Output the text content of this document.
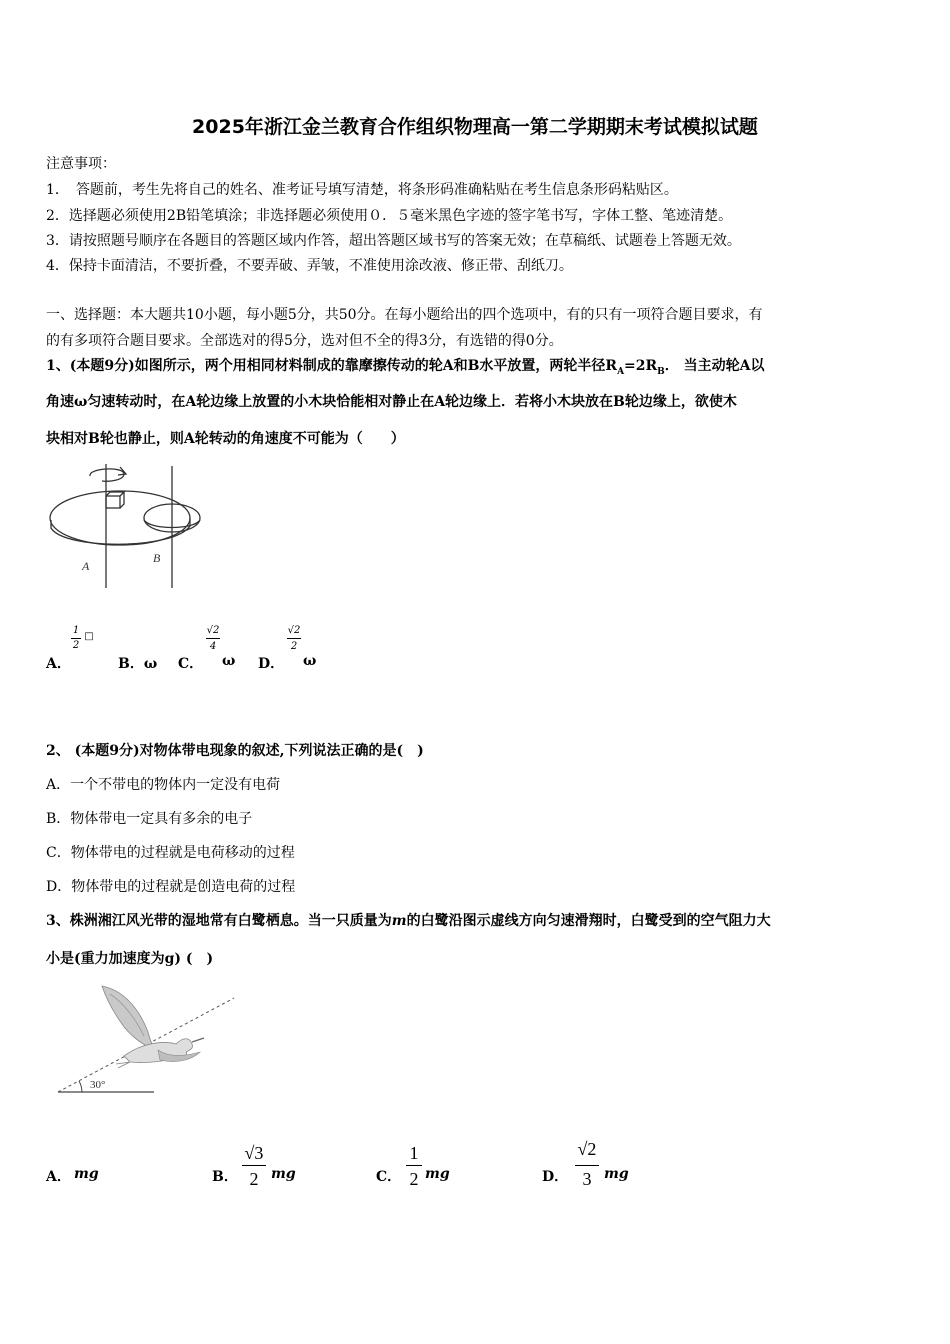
2025年浙江金兰教育合作组织物理高一第二学期期末考试模拟试题
注意事项：
1．　答题前，考生先将自己的姓名、准考证号填写清楚，将条形码准确粘贴在考生信息条形码粘贴区。
2．选择题必须使用2B铅笔填涂；非选择题必须使用０．５毫米黑色字迹的签字笔书写，字体工整、笔迹清楚。
3．请按照题号顺序在各题目的答题区域内作答，超出答题区域书写的答案无效；在草稿纸、试题卷上答题无效。
4．保持卡面清洁，不要折叠，不要弄破、弄皱，不准使用涂改液、修正带、刮纸刀。
一、选择题：本大题共10小题，每小题5分，共50分。在每小题给出的四个选项中，有的只有一项符合题目要求，有
的有多项符合题目要求。全部选对的得5分，选对但不全的得3分，有选错的得0分。
1、(本题9分)如图所示，两个用相同材料制成的靠摩擦传动的轮A和B水平放置，两轮半径$R_A=2R_B$． 当主动轮A以
角速ω匀速转动时，在A轮边缘上放置的小木块恰能相对静止在A轮边缘上．若将小木块放在B轮边缘上，欲使木
块相对B轮也静止，则A轮转动的角速度不可能为（　　）
A
B
A．
1
2
□
B．ω C．
√2
4
ω D．
√2
2
ω
2、 (本题9分)对物体带电现象的叙述,下列说法正确的是(　)
A．一个不带电的物体内一定没有电荷
B．物体带电一定具有多余的电子
C．物体带电的过程就是电荷移动的过程
D．物体带电的过程就是创造电荷的过程
3、株洲湘江风光带的湿地常有白鹭栖息。当一只质量为m的白鹭沿图示虚线方向匀速滑翔时，白鹭受到的空气阻力大
小是(重力加速度为g) (　)
30°
A． mg	B．
√3
2 mg	C．
1
2 mg	D．
√2
3 mg
